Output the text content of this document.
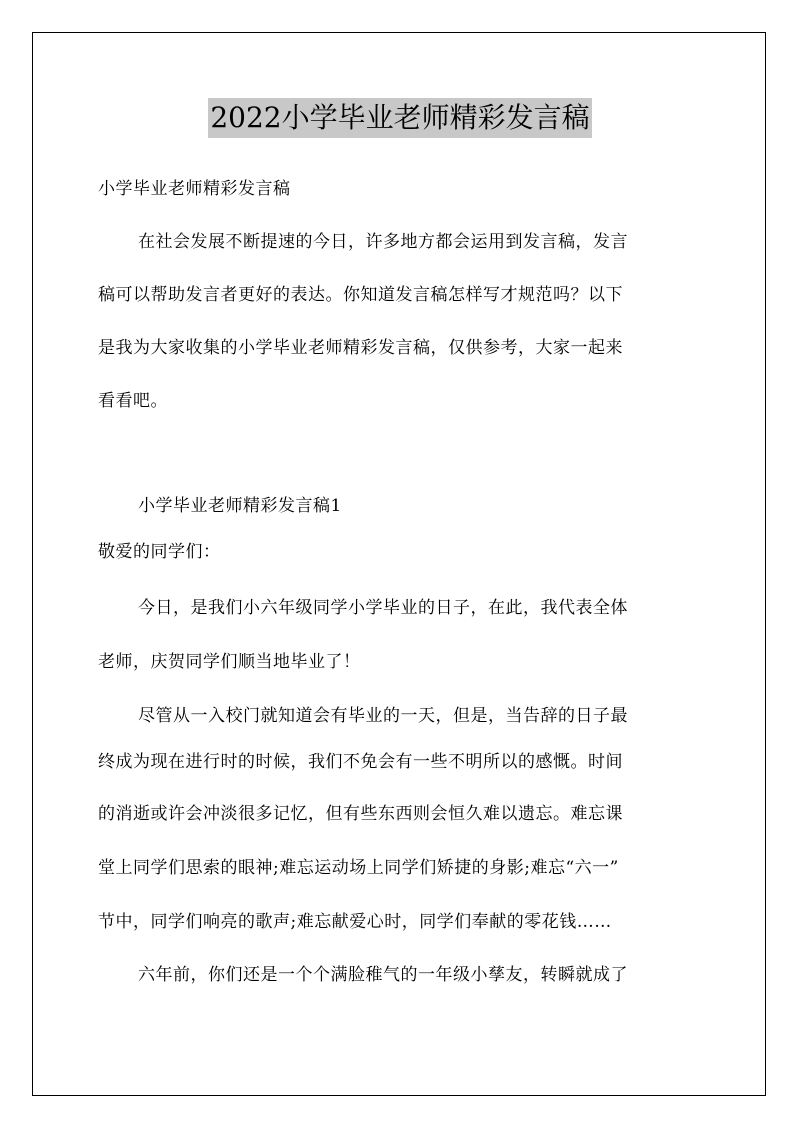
2022小学毕业老师精彩发言稿
小学毕业老师精彩发言稿
在社会发展不断提速的今日，许多地方都会运用到发言稿，发言
稿可以帮助发言者更好的表达。你知道发言稿怎样写才规范吗？以下
是我为大家收集的小学毕业老师精彩发言稿，仅供参考，大家一起来
看看吧。
小学毕业老师精彩发言稿1
敬爱的同学们：
今日，是我们小六年级同学小学毕业的日子，在此，我代表全体
老师，庆贺同学们顺当地毕业了！
尽管从一入校门就知道会有毕业的一天，但是，当告辞的日子最
终成为现在进行时的时候，我们不免会有一些不明所以的感慨。时间
的消逝或许会冲淡很多记忆，但有些东西则会恒久难以遗忘。难忘课
堂上同学们思索的眼神;难忘运动场上同学们矫捷的身影;难忘“六一”
节中，同学们响亮的歌声;难忘献爱心时，同学们奉献的零花钱……
六年前，你们还是一个个满脸稚气的一年级小孳友，转瞬就成了
